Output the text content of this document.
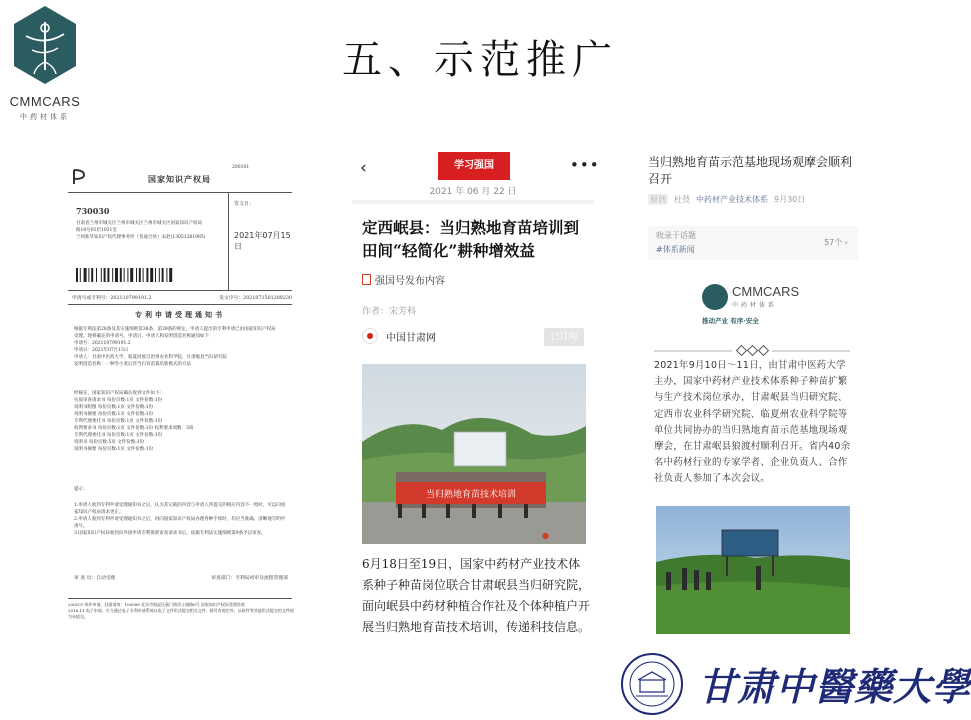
CMMCARS
中药材体系
五、示范推广
200101
国家知识产权局
730030
甘肃省兰州市城关区兰州市城关区兰州市城关区国家知识产权局
路18号01层1021室
兰州新华知识产权代理事务所（普通合伙）宋赵(13051281985)
发文日：
2021年07月15日
申请号或专利号：202110799191.2	发文序号：2021071501289230
专利申请受理通知书
根据专利法第28条及其实施细则第38条、第39条的规定，申请人提出的专利申请已由国家知识产权局
受理。现将确定的申请号、申请日、申请人和发明创造名称通知如下：
申请号：202110799191.2
申请日：2021年07月15日
申请人：甘肃中医药大学，临夏回族自治州农业科学院，甘肃岷县当归研究院
发明创造名称：一种冬小麦后茬当归育苗栽培新模式的方法
经核实，国家知识产权局确认收到文件如下：
实质审查请求书 每份页数:1页 文件份数:1份
说明书附图 每份页数:1页 文件份数:1份
说明书摘要 每份页数:1页 文件份数:1份
专利代理委托书 每份页数:1页 文件份数:1份
权利要求书 每份页数:1页 文件份数:1份 权利要求项数：3项
专利代理委托书 每份页数:1页 文件份数:1份
说明书 每份页数:5页 文件份数:1份
说明书摘要 每份页数:1页 文件份数:1份
提示：
1.申请人收到专利申请受理通知书之后，认为其记载的内容与申请人所提交的相应内容不一致时，可以向国家知识产权局请求更正。
2.申请人收到专利申请受理通知书之后，再向国家知识产权局办理各种手续时，均应当准确、清晰地写明申请号。
3.国家知识产权局收到向外国申请专利保密审查请求书后，依据专利法实施细则第9条予以审查。
审 查 员：自动受理	审查部门：专利局初审及流程管理部
200101 纸件申请，回函请寄：100088 北京市海淀区蓟门桥西土城路6号 国家知识产权局受理处收
2018.11 电子申请，应当通过电子专利申请系统以电子文件形式提交相关文件，除另有规定外，以纸件等其他形式提交的文件视为未提交。
‹	学习强国	•••
2021 年 06 月 22 日
定西岷县：当归熟地育苗培训到田间“轻简化”耕种增效益
强国号发布内容
作者：宋芳科
中国甘肃网	已订阅
当归熟地育苗技术培训
●
6月18日至19日，国家中药材产业技术体系种子种苗岗位联合甘肃岷县当归研究院，面向岷县中药材种植合作社及个体种植户开展当归熟地育苗技术培训，传递科技信息。
当归熟地育苗示范基地现场观摩会顺利召开
原创 杜弢 中药材产业技术体系 9月30日
收录于话题
#体系新闻
57个 ›
CMMCARS
中药材体系
推动产业 有序·安全
2021年9月10日～11日，由甘肃中医药大学主办，国家中药材产业技术体系种子种苗扩繁与生产技术岗位承办，甘肃岷县当归研究院、定西市农业科学研究院、临夏州农业科学院等单位共同协办的当归熟地育苗示范基地现场观摩会，在甘肃岷县狼渡村顺利召开。省内40余名中药材行业的专家学者、企业负责人、合作社负责人参加了本次会议。
甘肃中醫藥大學
